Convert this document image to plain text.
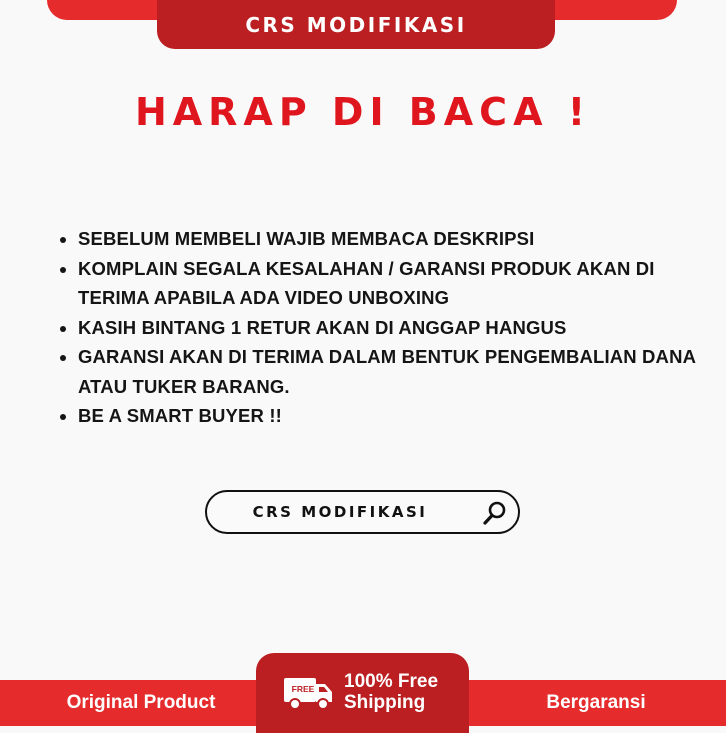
CRS MODIFIKASI
HARAP DI BACA !
• SEBELUM MEMBELI WAJIB MEMBACA DESKRIPSI
• KOMPLAIN SEGALA KESALAHAN / GARANSI PRODUK AKAN DI TERIMA APABILA ADA VIDEO UNBOXING
• KASIH BINTANG 1 RETUR AKAN DI ANGGAP HANGUS
• GARANSI AKAN DI TERIMA DALAM BENTUK PENGEMBALIAN DANA ATAU TUKER BARANG.
• BE A SMART BUYER !!
CRS MODIFIKASI
Original Product
FREE 100% Free
Shipping	Bergaransi
